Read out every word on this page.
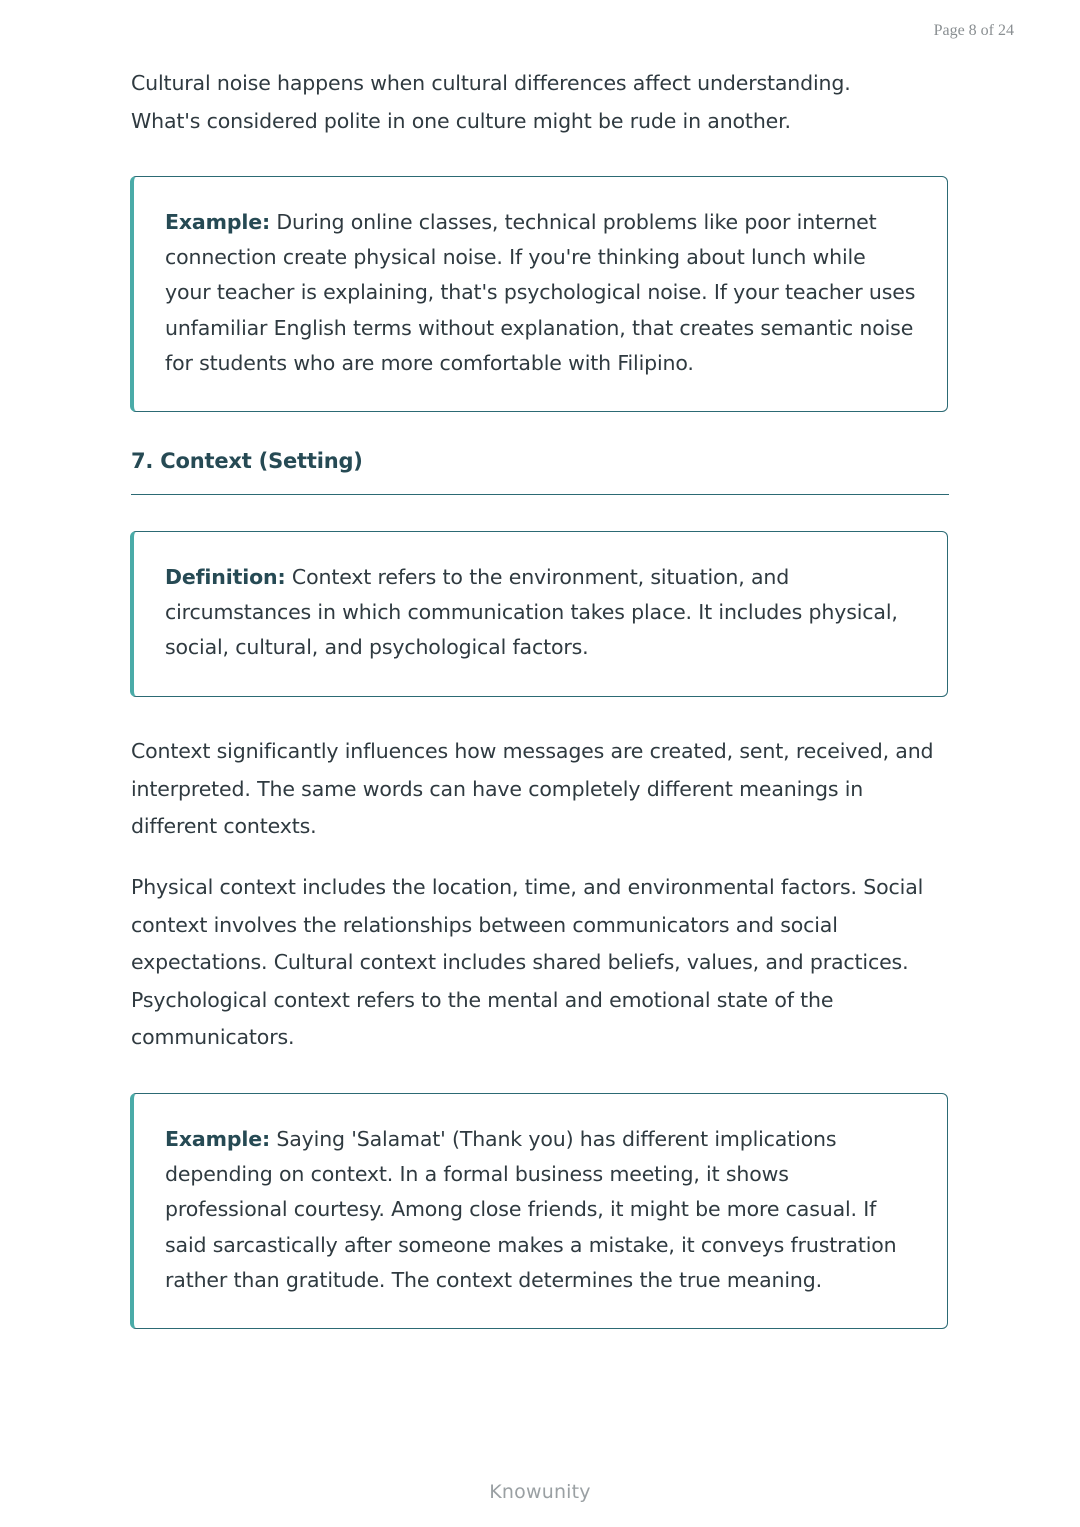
Page 8 of 24

Cultural noise happens when cultural differences affect understanding. What's considered polite in one culture might be rude in another.

Example: During online classes, technical problems like poor internet connection create physical noise. If you're thinking about lunch while your teacher is explaining, that's psychological noise. If your teacher uses unfamiliar English terms without explanation, that creates semantic noise for students who are more comfortable with Filipino.

7. Context (Setting)

Definition: Context refers to the environment, situation, and circumstances in which communication takes place. It includes physical, social, cultural, and psychological factors.

Context significantly influences how messages are created, sent, received, and interpreted. The same words can have completely different meanings in different contexts.

Physical context includes the location, time, and environmental factors. Social context involves the relationships between communicators and social expectations. Cultural context includes shared beliefs, values, and practices. Psychological context refers to the mental and emotional state of the communicators.

Example: Saying 'Salamat' (Thank you) has different implications depending on context. In a formal business meeting, it shows professional courtesy. Among close friends, it might be more casual. If said sarcastically after someone makes a mistake, it conveys frustration rather than gratitude. The context determines the true meaning.

Knowunity
